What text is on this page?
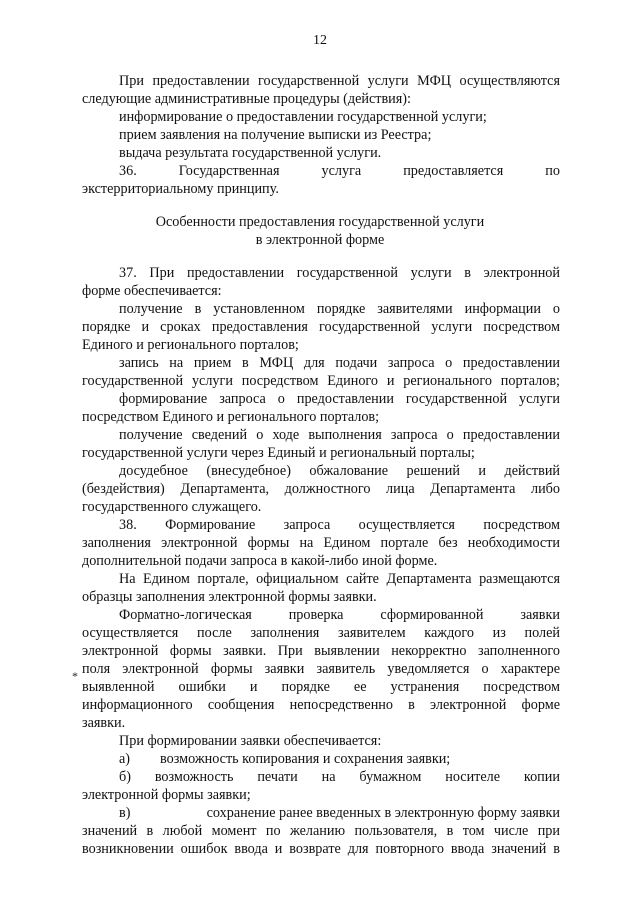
12
При предоставлении государственной услуги МФЦ осуществляются
следующие административные процедуры (действия):
информирование о предоставлении государственной услуги;
прием заявления на получение выписки из Реестра;
выдача результата государственной услуги.
36.	Государственная	услуга	предоставляется	по
экстерриториальному принципу.
Особенности предоставления государственной услуги
в электронной форме
37. При предоставлении государственной услуги в электронной
форме обеспечивается:
получение в установленном порядке заявителями информации о
порядке и сроках предоставления государственной услуги посредством
Единого и регионального порталов;
запись на прием в МФЦ для подачи запроса о предоставлении
государственной услуги посредством Единого и регионального порталов;
формирование запроса о предоставлении государственной услуги
посредством Единого и регионального порталов;
получение сведений о ходе выполнения запроса о предоставлении
государственной услуги через Единый и региональный порталы;
досудебное (внесудебное) обжалование решений и действий
(бездействия) Департамента, должностного лица Департамента либо
государственного служащего.
38. Формирование запроса осуществляется посредством
заполнения электронной формы на Едином портале без необходимости
дополнительной подачи запроса в какой-либо иной форме.
На Едином портале, официальном сайте Департамента размещаются
образцы заполнения электронной формы заявки.
Форматно-логическая	проверка	сформированной	заявки
осуществляется после заполнения заявителем каждого из полей
электронной формы заявки. При выявлении некорректно заполненного
поля электронной формы заявки заявитель уведомляется о характере
*
выявленной ошибки и порядке ее устранения посредством
информационного сообщения непосредственно в электронной форме
заявки.
При формировании заявки обеспечивается:
а) возможность копирования и сохранения заявки;
б) возможность печати на бумажном носителе копии
электронной формы заявки;
в)	сохранение ранее введенных в электронную форму заявки
значений в любой момент по желанию пользователя, в том числе при
возникновении ошибок ввода и возврате для повторного ввода значений в
